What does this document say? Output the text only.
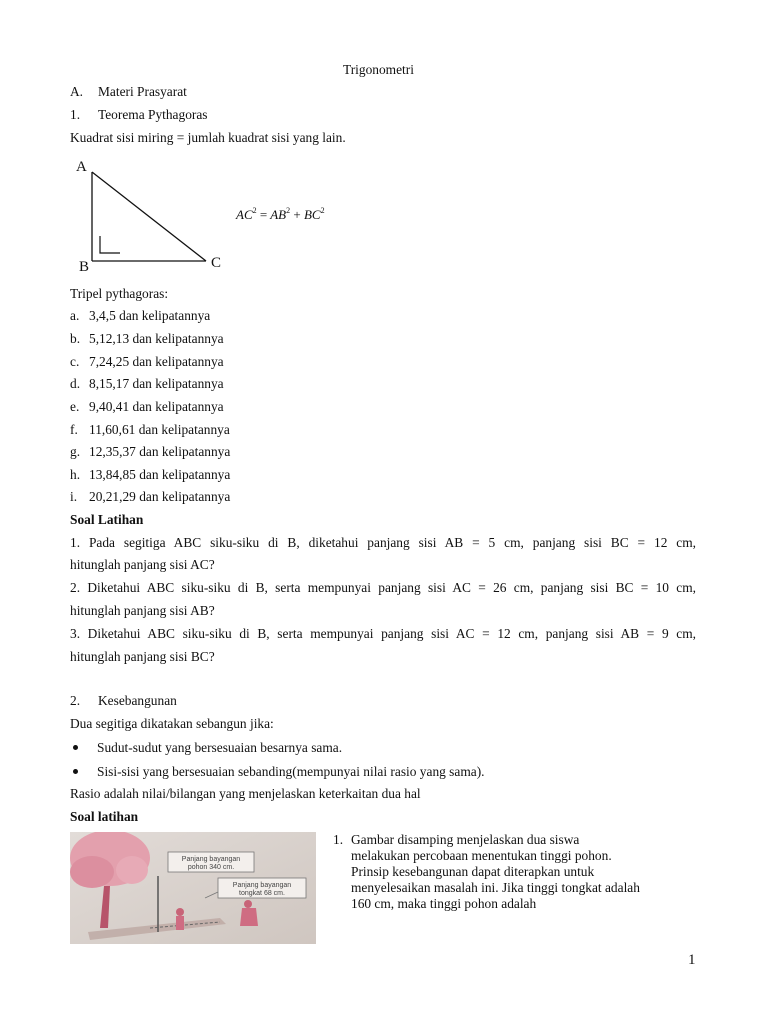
Trigonometri
A. Materi Prasyarat
1. Teorema Pythagoras
Kuadrat sisi miring = jumlah kuadrat sisi yang lain.
A
B	C
$AC^2 = AB^2 + BC^2$
Tripel pythagoras:
a. 3,4,5 dan kelipatannya
b. 5,12,13 dan kelipatannya
c. 7,24,25 dan kelipatannya
d. 8,15,17 dan kelipatannya
e. 9,40,41 dan kelipatannya
f. 11,60,61 dan kelipatannya
g. 12,35,37 dan kelipatannya
h. 13,84,85 dan kelipatannya
i. 20,21,29 dan kelipatannya
Soal Latihan
1. Pada segitiga ABC siku-siku di B, diketahui panjang sisi AB = 5 cm, panjang sisi BC = 12 cm,
hitunglah panjang sisi AC?
2. Diketahui ABC siku-siku di B, serta mempunyai panjang sisi AC = 26 cm, panjang sisi BC = 10 cm,
hitunglah panjang sisi AB?
3. Diketahui ABC siku-siku di B, serta mempunyai panjang sisi AC = 12 cm, panjang sisi AB = 9 cm,
hitunglah panjang sisi BC?
2. Kesebangunan
Dua segitiga dikatakan sebangun jika:
Sudut-sudut yang bersesuaian besarnya sama.
Sisi-sisi yang bersesuaian sebanding(mempunyai nilai rasio yang sama).
Rasio adalah nilai/bilangan yang menjelaskan keterkaitan dua hal
Soal latihan
Panjang bayangan
pohon 340 cm.
Panjang bayangan
tongkat 68 cm.
1. Gambar disamping menjelaskan dua siswa
melakukan percobaan menentukan tinggi pohon.
Prinsip kesebangunan dapat diterapkan untuk
menyelesaikan masalah ini. Jika tinggi tongkat adalah
160 cm, maka tinggi pohon adalah
1
